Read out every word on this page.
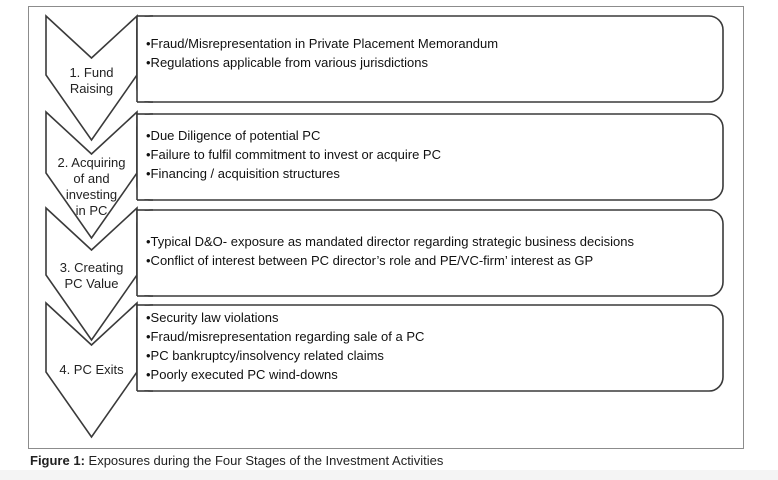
1. Fund
Raising
•Fraud/Misrepresentation in Private Placement Memorandum
•Regulations applicable from various jurisdictions
2. Acquiring
of and
investing
in PC
•Due Diligence of potential PC
•Failure to fulfil commitment to invest or acquire PC
•Financing / acquisition structures
3. Creating
PC Value
•Typical D&O- exposure as mandated director regarding strategic business decisions
•Conflict of interest between PC director’s role and PE/VC-firm’ interest as GP
4. PC Exits
•Security law violations
•Fraud/misrepresentation regarding sale of a PC
•PC bankruptcy/insolvency related claims
•Poorly executed PC wind-downs
Figure 1: Exposures during the Four Stages of the Investment Activities
